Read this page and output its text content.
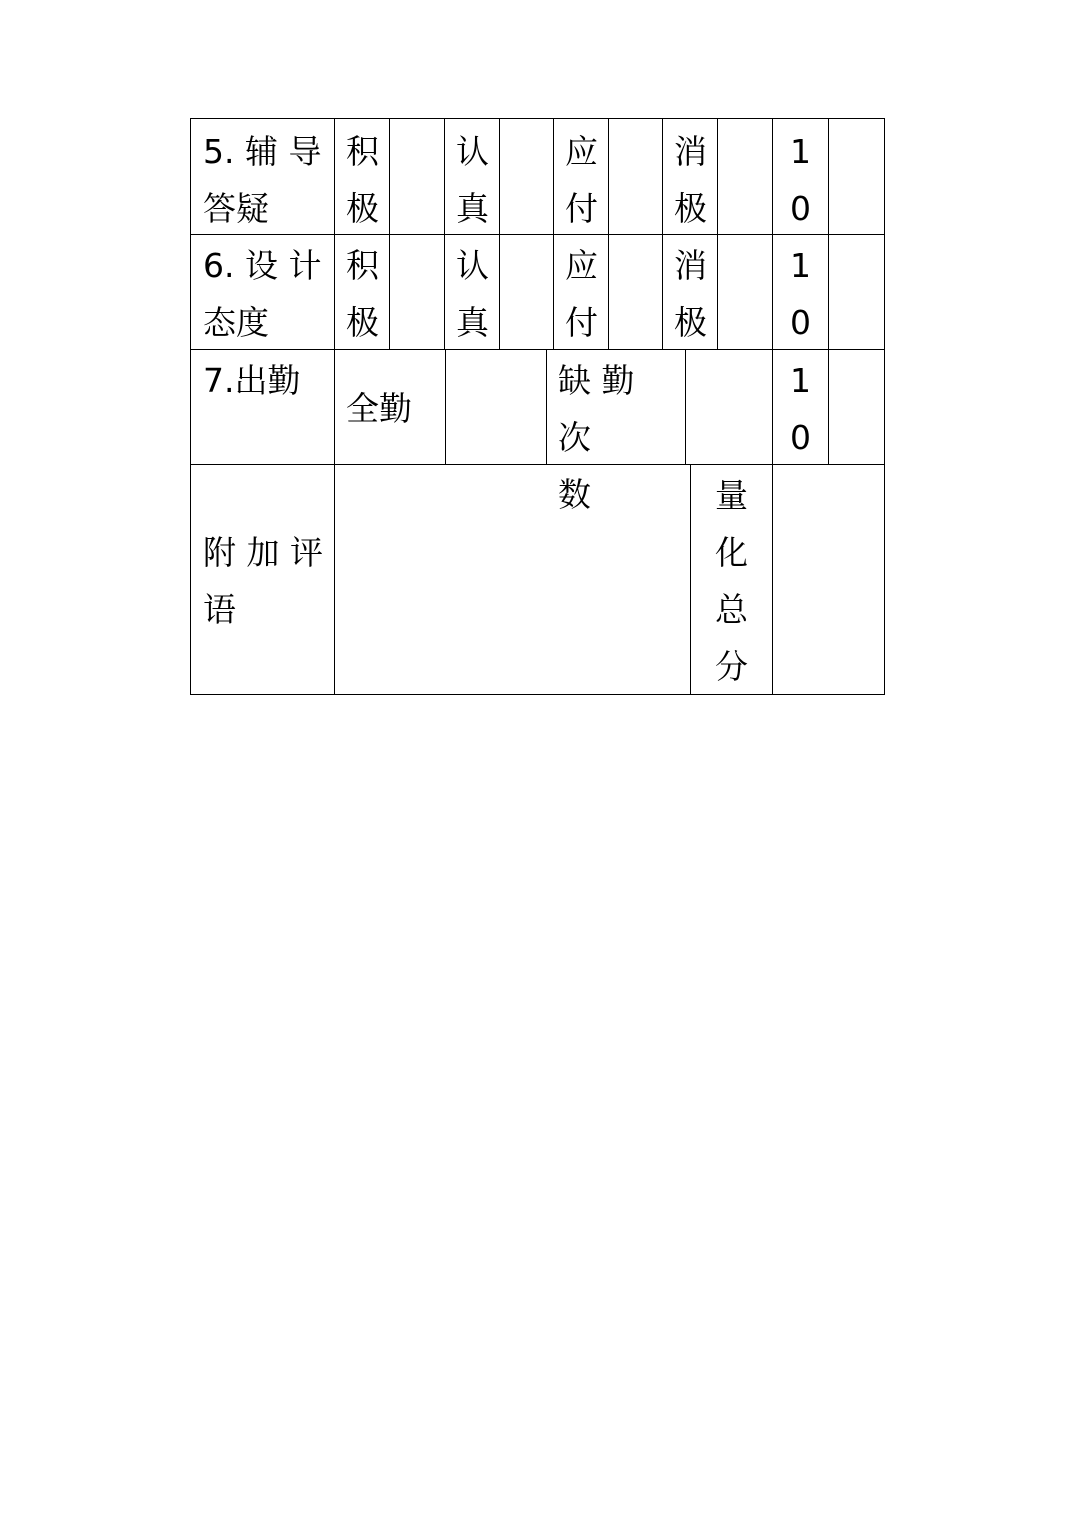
5. 辅 导
答疑
积
极
认
真
应
付
消
极
1
0
6. 设 计
态度
积
极
认
真
应
付
消
极
1
0
7.出勤
全勤
缺 勤 次
数
1
0
附 加 评
语
量
化
总
分
